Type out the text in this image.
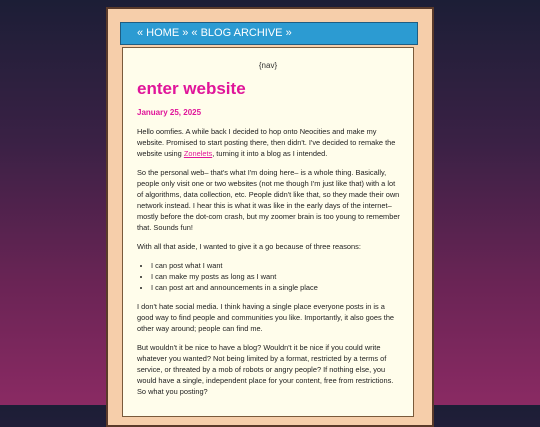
« HOME » « BLOG ARCHIVE »
{nav}
enter website
January 25, 2025

Hello oomfies. A while back I decided to hop onto Neocities and make my website. Promised to start posting there, then didn't. I've decided to remake the website using Zonelets, turning it into a blog as I intended.

So the personal web– that's what I'm doing here– is a whole thing. Basically, people only visit one or two websites (not me though I'm just like that) with a lot of algorithms, data collection, etc. People didn't like that, so they made their own network instead. I hear this is what it was like in the early days of the internet– mostly before the dot-com crash, but my zoomer brain is too young to remember that. Sounds fun!

With all that aside, I wanted to give it a go because of three reasons:

• I can post what I want
• I can make my posts as long as I want
• I can post art and announcements in a single place

I don't hate social media. I think having a single place everyone posts in is a good way to find people and communities you like. Importantly, it also goes the other way around; people can find me.

But wouldn't it be nice to have a blog? Wouldn't it be nice if you could write whatever you wanted? Not being limited by a format, restricted by a terms of service, or threated by a mob of robots or angry people? If nothing else, you would have a single, independent place for your content, free from restrictions. So what you posting?
